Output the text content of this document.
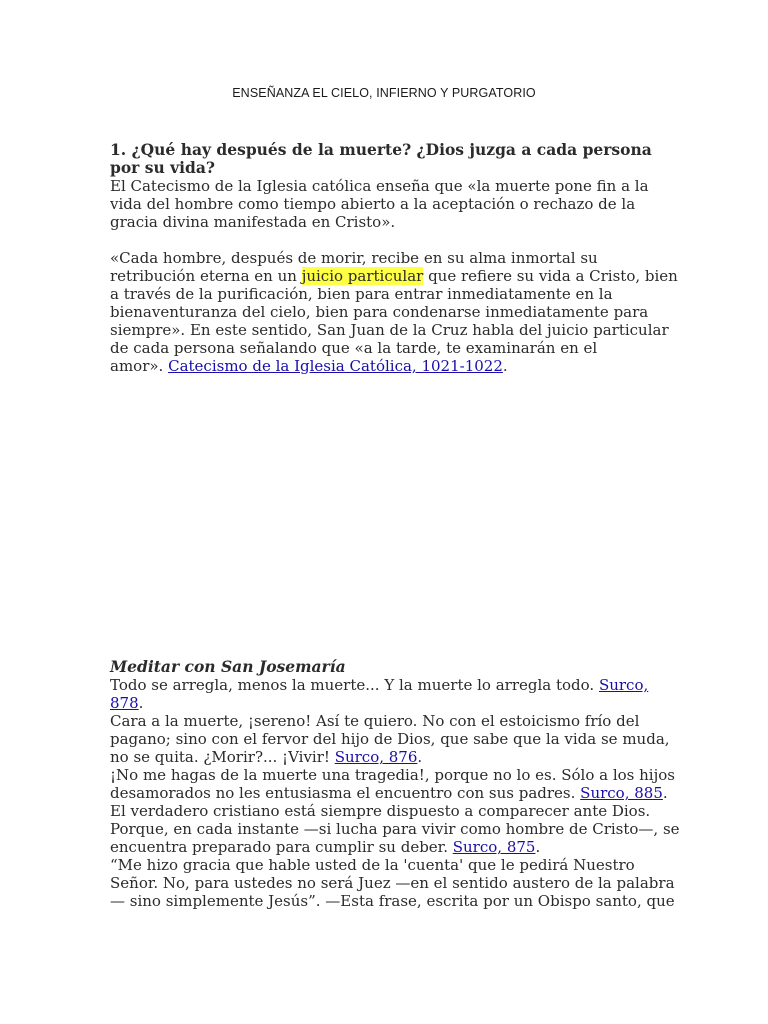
ENSEÑANZA EL CIELO, INFIERNO Y PURGATORIO
1. ¿Qué hay después de la muerte? ¿Dios juzga a cada persona
por su vida?
El Catecismo de la Iglesia católica enseña que «la muerte pone fin a la
vida del hombre como tiempo abierto a la aceptación o rechazo de la
gracia divina manifestada en Cristo».
«Cada hombre, después de morir, recibe en su alma inmortal su
retribución eterna en un juicio particular que refiere su vida a Cristo, bien
a través de la purificación, bien para entrar inmediatamente en la
bienaventuranza del cielo, bien para condenarse inmediatamente para
siempre». En este sentido, San Juan de la Cruz habla del juicio particular
de cada persona señalando que «a la tarde, te examinarán en el
amor». Catecismo de la Iglesia Católica, 1021-1022.
Meditar con San Josemaría
Todo se arregla, menos la muerte... Y la muerte lo arregla todo. Surco,
878.
Cara a la muerte, ¡sereno! Así te quiero. No con el estoicismo frío del
pagano; sino con el fervor del hijo de Dios, que sabe que la vida se muda,
no se quita. ¿Morir?... ¡Vivir! Surco, 876.
¡No me hagas de la muerte una tragedia!, porque no lo es. Sólo a los hijos
desamorados no les entusiasma el encuentro con sus padres. Surco, 885.
El verdadero cristiano está siempre dispuesto a comparecer ante Dios.
Porque, en cada instante —si lucha para vivir como hombre de Cristo—, se
encuentra preparado para cumplir su deber. Surco, 875.
“Me hizo gracia que hable usted de la 'cuenta' que le pedirá Nuestro
Señor. No, para ustedes no será Juez —en el sentido austero de la palabra
— sino simplemente Jesús”. —Esta frase, escrita por un Obispo santo, que
